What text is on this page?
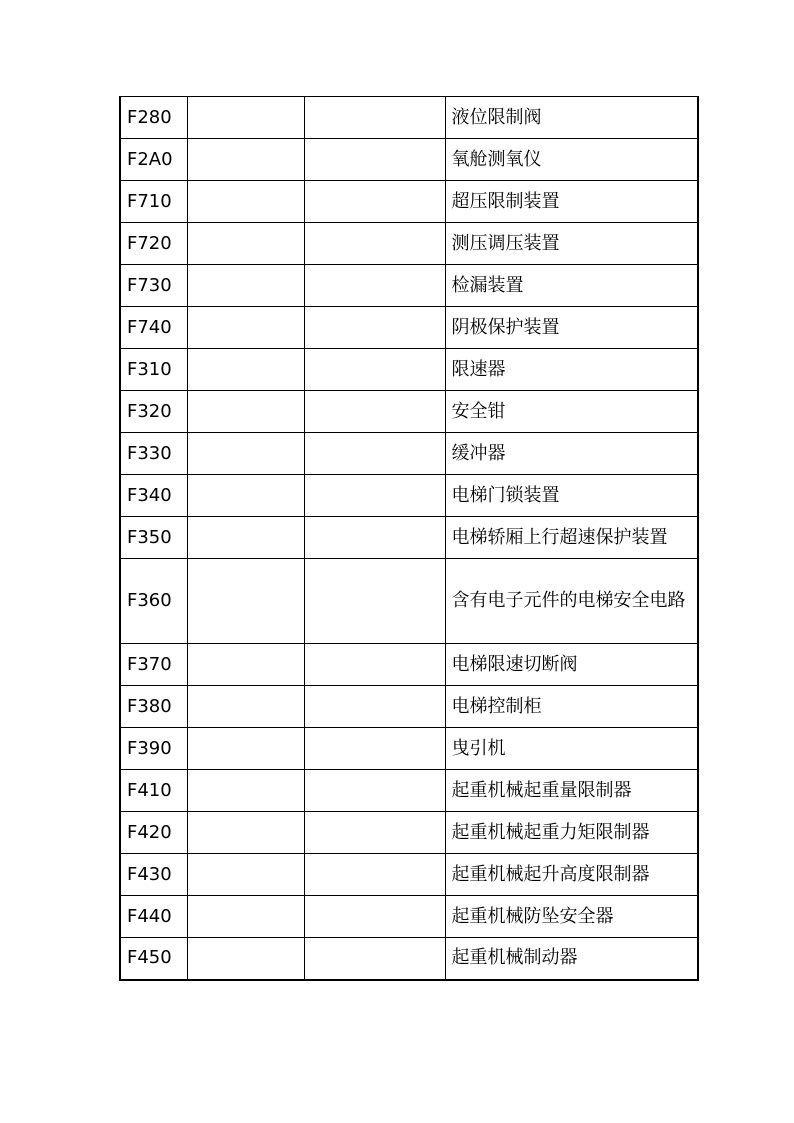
F280			液位限制阀
F2A0			氧舱测氧仪
F710			超压限制装置
F720			测压调压装置
F730			检漏装置
F740			阴极保护装置
F310			限速器
F320			安全钳
F330			缓冲器
F340			电梯门锁装置
F350			电梯轿厢上行超速保护装置
F360			含有电子元件的电梯安全电路
F370			电梯限速切断阀
F380			电梯控制柜
F390			曳引机
F410			起重机械起重量限制器
F420			起重机械起重力矩限制器
F430			起重机械起升高度限制器
F440			起重机械防坠安全器
F450			起重机械制动器
